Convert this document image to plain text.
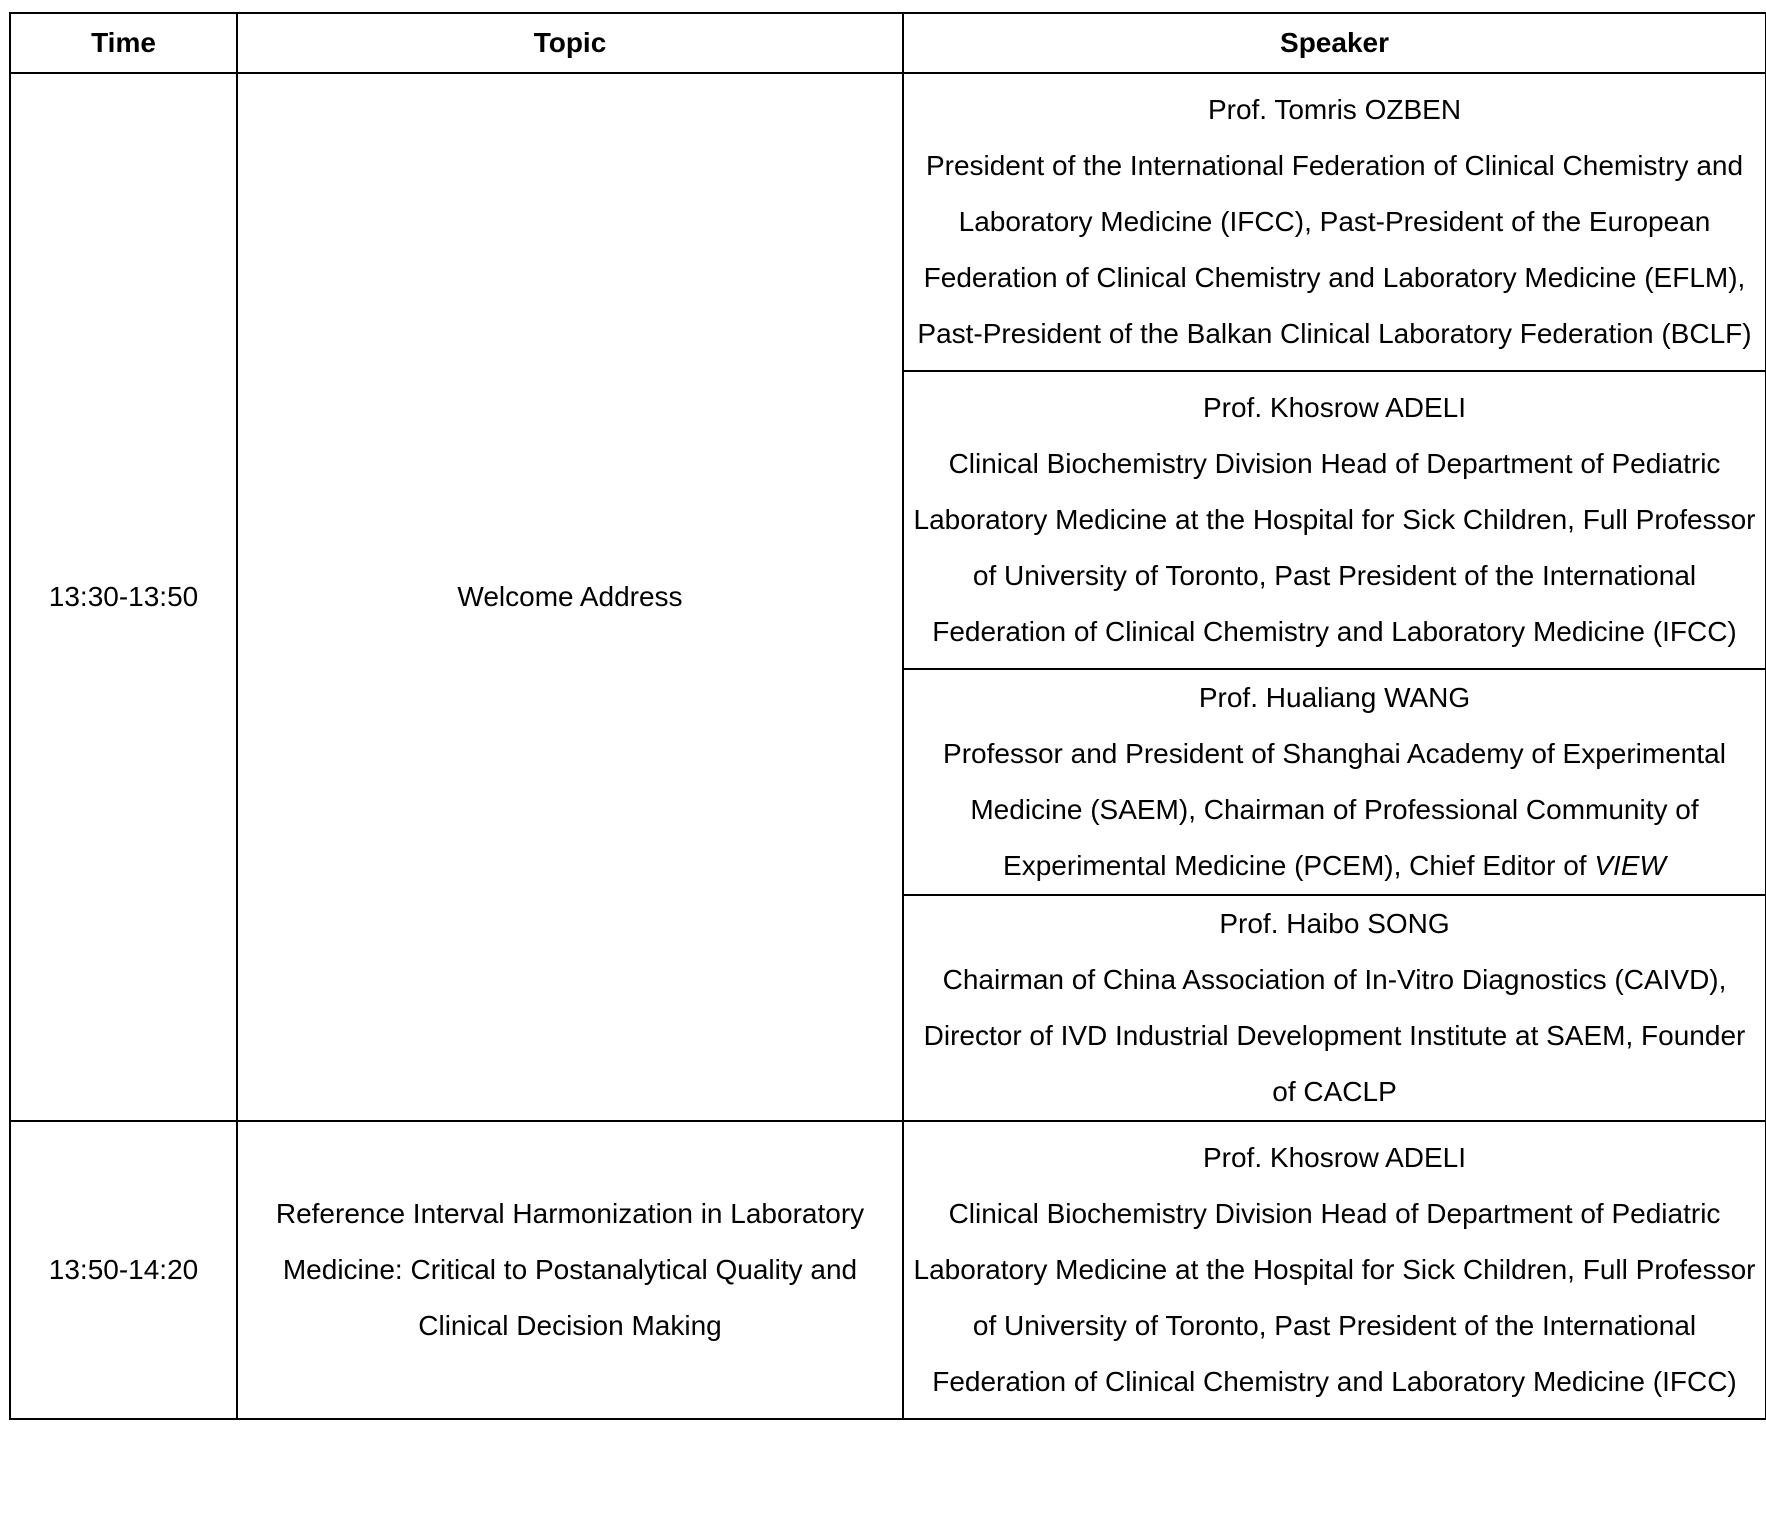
Time	Topic	Speaker
13:30-13:50	Welcome Address	Prof. Tomris OZBEN
President of the International Federation of Clinical Chemistry and Laboratory Medicine (IFCC), Past-President of the European Federation of Clinical Chemistry and Laboratory Medicine (EFLM), Past-President of the Balkan Clinical Laboratory Federation (BCLF)

		Prof. Khosrow ADELI
Clinical Biochemistry Division Head of Department of Pediatric Laboratory Medicine at the Hospital for Sick Children, Full Professor of University of Toronto, Past President of the International Federation of Clinical Chemistry and Laboratory Medicine (IFCC)

		Prof. Hualiang WANG
Professor and President of Shanghai Academy of Experimental Medicine (SAEM), Chairman of Professional Community of Experimental Medicine (PCEM), Chief Editor of VIEW

		Prof. Haibo SONG
Chairman of China Association of In-Vitro Diagnostics (CAIVD), Director of IVD Industrial Development Institute at SAEM, Founder of CACLP

13:50-14:20	Reference Interval Harmonization in Laboratory Medicine: Critical to Postanalytical Quality and Clinical Decision Making	Prof. Khosrow ADELI
Clinical Biochemistry Division Head of Department of Pediatric Laboratory Medicine at the Hospital for Sick Children, Full Professor of University of Toronto, Past President of the International Federation of Clinical Chemistry and Laboratory Medicine (IFCC)
